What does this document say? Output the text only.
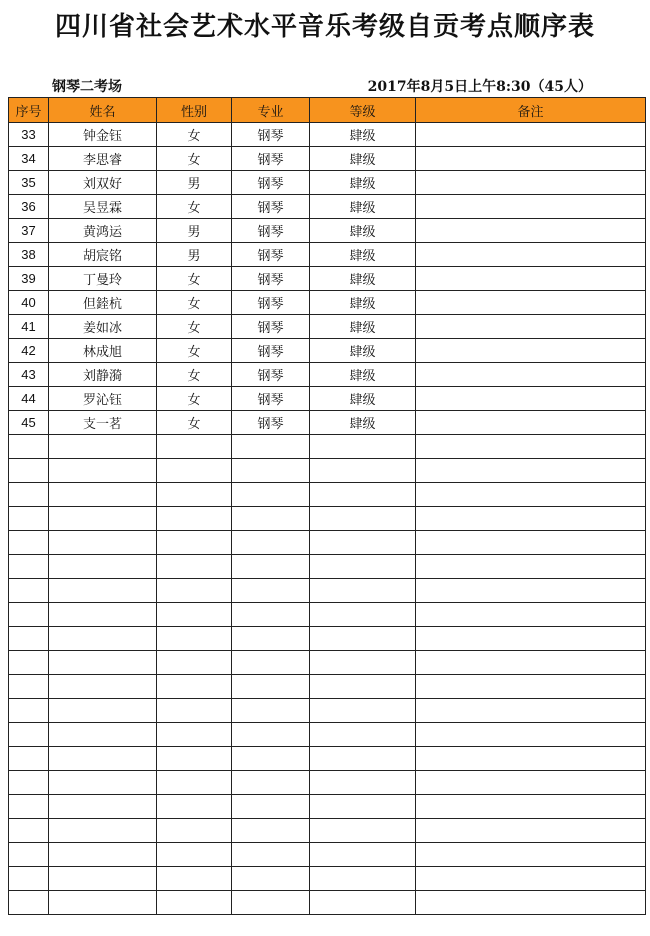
四川省社会艺术水平音乐考级自贡考点顺序表
钢琴二考场	2017年8月5日上午8:30（45人）
序号	姓名	性别	专业	等级	备注
33	钟金钰	女	钢琴	肆级	
34	李思睿	女	钢琴	肆级	
35	刘双好	男	钢琴	肆级	
36	吴昱霖	女	钢琴	肆级	
37	黄鸿运	男	钢琴	肆级	
38	胡宸铭	男	钢琴	肆级	
39	丁曼玲	女	钢琴	肆级	
40	但錴杭	女	钢琴	肆级	
41	姜如冰	女	钢琴	肆级	
42	林成旭	女	钢琴	肆级	
43	刘静漪	女	钢琴	肆级	
44	罗沁钰	女	钢琴	肆级	
45	支一茗	女	钢琴	肆级	
